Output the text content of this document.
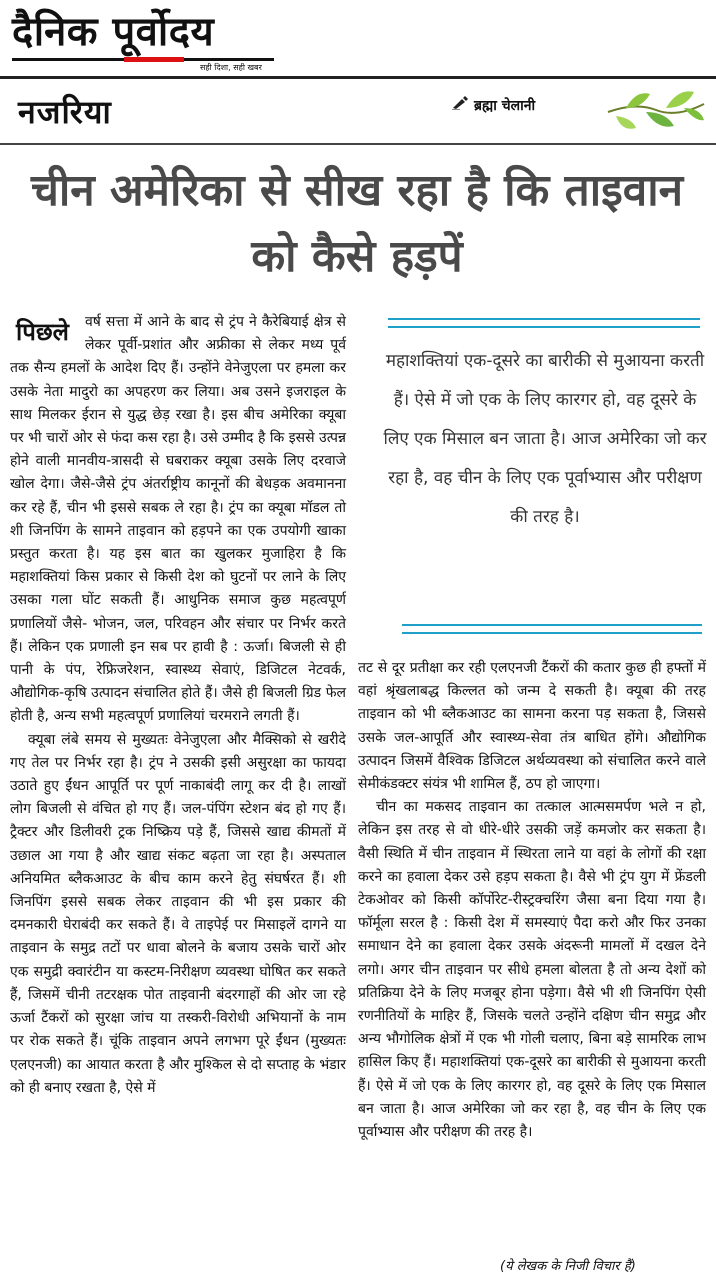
दैनिक पूर्वोदय
सही दिशा, सही खबर
नजरिया	ब्रह्मा चेलानी
चीन अमेरिका से सीख रहा है कि ताइवान को कैसे हड़पें
पिछले	वर्ष सत्ता में आने के बाद से ट्रंप ने कैरेबियाई क्षेत्र से लेकर पूर्वी-प्रशांत और अफ्रीका से लेकर मध्य पूर्व तक सैन्य हमलों के आदेश दिए हैं। उन्होंने वेनेजुएला पर हमला कर उसके नेता मादुरो का अपहरण कर लिया। अब उसने इजराइल के साथ मिलकर ईरान से युद्ध छेड़ रखा है। इस बीच अमेरिका क्यूबा पर भी चारों ओर से फंदा कस रहा है। उसे उम्मीद है कि इससे उत्पन्न होने वाली मानवीय-त्रासदी से घबराकर क्यूबा उसके लिए दरवाजे खोल देगा। जैसे-जैसे ट्रंप अंतर्राष्ट्रीय कानूनों की बेधड़क अवमानना कर रहे हैं, चीन भी इससे सबक ले रहा है। ट्रंप का क्यूबा मॉडल तो शी जिनपिंग के सामने ताइवान को हड़पने का एक उपयोगी खाका प्रस्तुत करता है। यह इस बात का खुलकर मुजाहिरा है कि महाशक्तियां किस प्रकार से किसी देश को घुटनों पर लाने के लिए उसका गला घोंट सकती हैं। आधुनिक समाज कुछ महत्वपूर्ण प्रणालियों जैसे- भोजन, जल, परिवहन और संचार पर निर्भर करते हैं। लेकिन एक प्रणाली इन सब पर हावी है : ऊर्जा। बिजली से ही पानी के पंप, रेफ्रिजरेशन, स्वास्थ्य सेवाएं, डिजिटल नेटवर्क, औद्योगिक-कृषि उत्पादन संचालित होते हैं। जैसे ही बिजली ग्रिड फेल होती है, अन्य सभी महत्वपूर्ण प्रणालियां चरमराने लगती हैं।

क्यूबा लंबे समय से मुख्यतः वेनेजुएला और मैक्सिको से खरीदे गए तेल पर निर्भर रहा है। ट्रंप ने उसकी इसी असुरक्षा का फायदा उठाते हुए ईंधन आपूर्ति पर पूर्ण नाकाबंदी लागू कर दी है। लाखों लोग बिजली से वंचित हो गए हैं। जल-पंपिंग स्टेशन बंद हो गए हैं। ट्रैक्टर और डिलीवरी ट्रक निष्क्रिय पड़े हैं, जिससे खाद्य कीमतों में उछाल आ गया है और खाद्य संकट बढ़ता जा रहा है। अस्पताल अनियमित ब्लैकआउट के बीच काम करने हेतु संघर्षरत हैं। शी जिनपिंग इससे सबक लेकर ताइवान की भी इस प्रकार की दमनकारी घेराबंदी कर सकते हैं। वे ताइपेई पर मिसाइलें दागने या ताइवान के समुद्र तटों पर धावा बोलने के बजाय उसके चारों ओर एक समुद्री क्वारंटीन या कस्टम-निरीक्षण व्यवस्था घोषित कर सकते हैं, जिसमें चीनी तटरक्षक पोत ताइवानी बंदरगाहों की ओर जा रहे ऊर्जा टैंकरों को सुरक्षा जांच या तस्करी-विरोधी अभियानों के नाम पर रोक सकते हैं। चूंकि ताइवान अपने लगभग पूरे ईंधन (मुख्यतः एलएनजी) का आयात करता है और मुश्किल से दो सप्ताह के भंडार को ही बनाए रखता है, ऐसे में

महाशक्तियां एक-दूसरे का बारीकी से मुआयना करती हैं। ऐसे में जो एक के लिए कारगर हो, वह दूसरे के लिए एक मिसाल बन जाता है। आज अमेरिका जो कर रहा है, वह चीन के लिए एक पूर्वाभ्यास और परीक्षण की तरह है।

तट से दूर प्रतीक्षा कर रही एलएनजी टैंकरों की कतार कुछ ही हफ्तों में वहां श्रृंखलाबद्ध किल्लत को जन्म दे सकती है। क्यूबा की तरह ताइवान को भी ब्लैकआउट का सामना करना पड़ सकता है, जिससे उसके जल-आपूर्ति और स्वास्थ्य-सेवा तंत्र बाधित होंगे। औद्योगिक उत्पादन जिसमें वैश्विक डिजिटल अर्थव्यवस्था को संचालित करने वाले सेमीकंडक्टर संयंत्र भी शामिल हैं, ठप हो जाएगा।

चीन का मकसद ताइवान का तत्काल आत्मसमर्पण भले न हो, लेकिन इस तरह से वो धीरे-धीरे उसकी जड़ें कमजोर कर सकता है। वैसी स्थिति में चीन ताइवान में स्थिरता लाने या वहां के लोगों की रक्षा करने का हवाला देकर उसे हड़प सकता है। वैसे भी ट्रंप युग में फ्रेंडली टेकओवर को किसी कॉर्पोरेट-रीस्ट्रक्चरिंग जैसा बना दिया गया है। फॉर्मूला सरल है : किसी देश में समस्याएं पैदा करो और फिर उनका समाधान देने का हवाला देकर उसके अंदरूनी मामलों में दखल देने लगो। अगर चीन ताइवान पर सीधे हमला बोलता है तो अन्य देशों को प्रतिक्रिया देने के लिए मजबूर होना पड़ेगा। वैसे भी शी जिनपिंग ऐसी रणनीतियों के माहिर हैं, जिसके चलते उन्होंने दक्षिण चीन समुद्र और अन्य भौगोलिक क्षेत्रों में एक भी गोली चलाए, बिना बड़े सामरिक लाभ हासिल किए हैं। महाशक्तियां एक-दूसरे का बारीकी से मुआयना करती हैं। ऐसे में जो एक के लिए कारगर हो, वह दूसरे के लिए एक मिसाल बन जाता है। आज अमेरिका जो कर रहा है, वह चीन के लिए एक पूर्वाभ्यास और परीक्षण की तरह है।

(ये लेखक के निजी विचार हैं)
